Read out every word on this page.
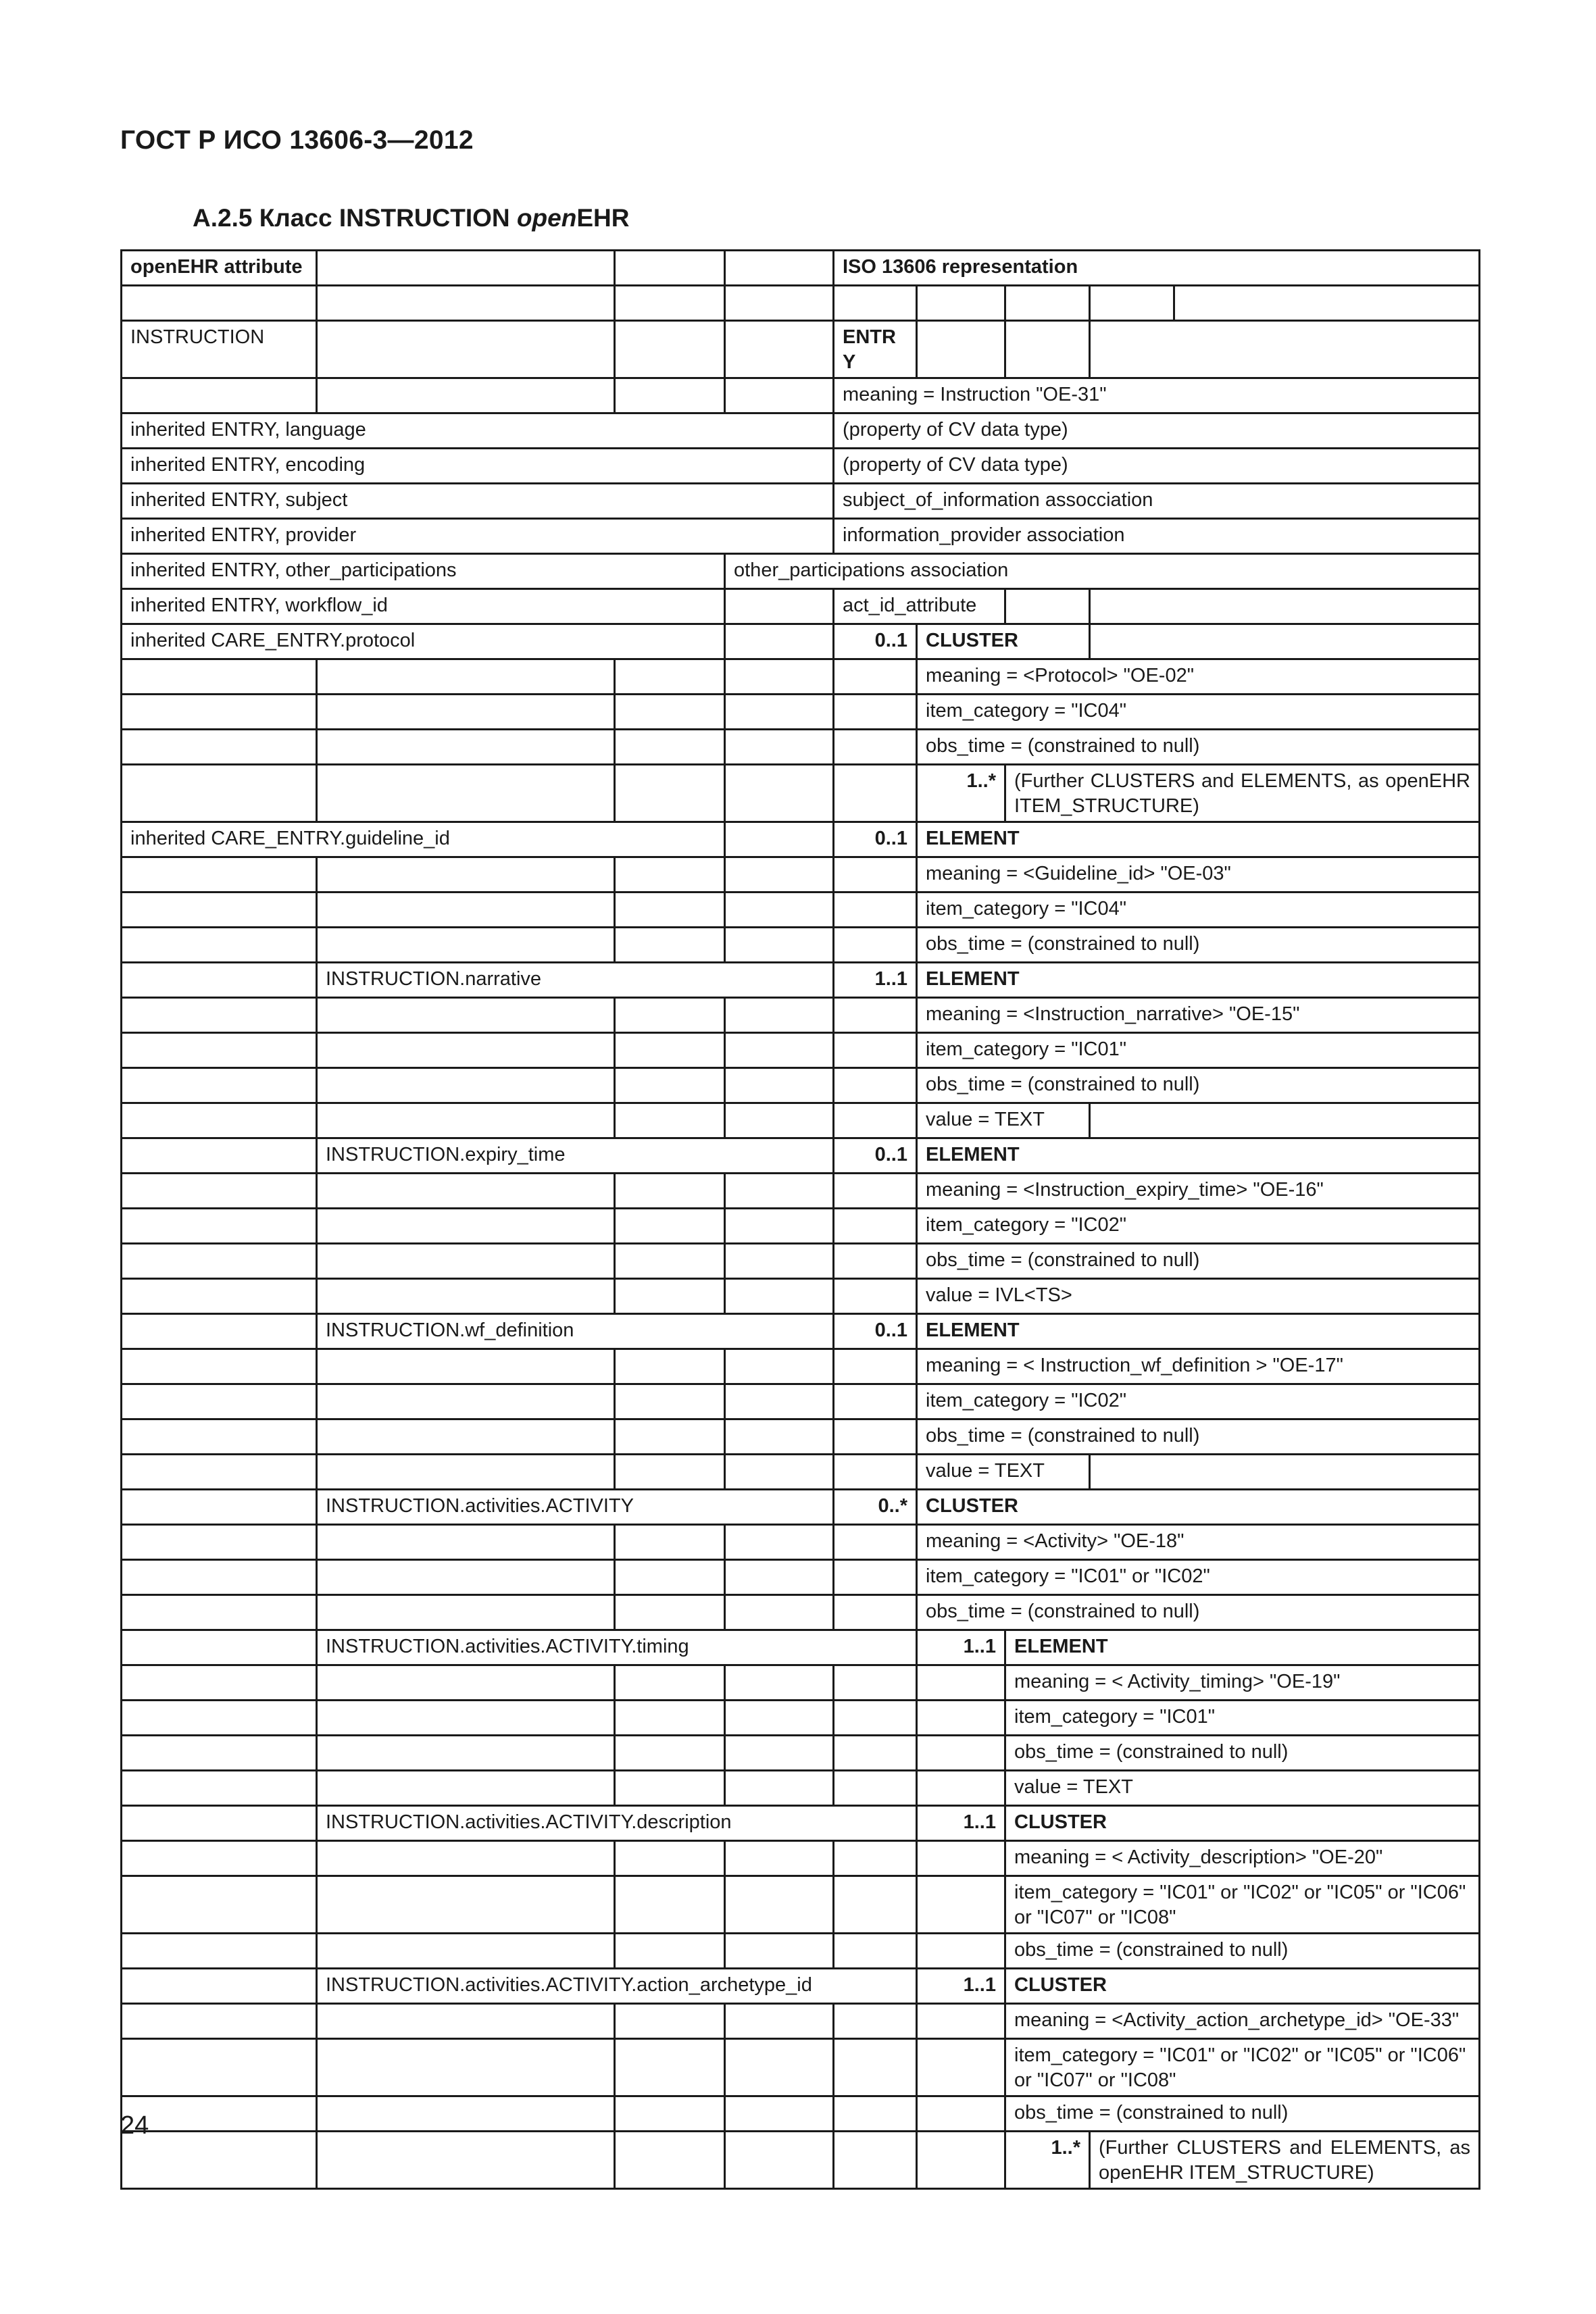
ГОСТ Р ИСО 13606-3—2012
А.2.5 Класс INSTRUCTION openEHR
openEHR attribute				ISO 13606 representation				

INSTRUCTION				ENTRY				
				meaning = Instruction "OE-31"				
inherited ENTRY, language				(property of CV data type)				
inherited ENTRY, encoding				(property of CV data type)				
inherited ENTRY, subject				subject_of_information assocciation				
inherited ENTRY, provider				information_provider association				
inherited ENTRY, other_participations			other_participations association					
inherited ENTRY, workflow_id				act_id_attribute				
inherited CARE_ENTRY.protocol				0..1	CLUSTER			
					meaning = <Protocol> "OE-02"			
					item_category = "IC04"			
					obs_time = (constrained to null)			
					1..*	(Further CLUSTERS and ELEMENTS, as openEHR ITEM_STRUCTURE)		
inherited CARE_ENTRY.guideline_id				0..1	ELEMENT			
					meaning = <Guideline_id> "OE-03"			
					item_category = "IC04"			
					obs_time = (constrained to null)			
	INSTRUCTION.narrative			1..1	ELEMENT			
					meaning = <Instruction_narrative> "OE-15"			
					item_category = "IC01"			
					obs_time = (constrained to null)			
					value = TEXT			
	INSTRUCTION.expiry_time			0..1	ELEMENT			
					meaning = <Instruction_expiry_time> "OE-16"			
					item_category = "IC02"			
					obs_time = (constrained to null)			
					value = IVL<TS>			
	INSTRUCTION.wf_definition			0..1	ELEMENT			
					meaning = < Instruction_wf_definition > "OE-17"			
					item_category = "IC02"			
					obs_time = (constrained to null)			
					value = TEXT			
	INSTRUCTION.activities.ACTIVITY			0..*	CLUSTER			
					meaning = <Activity> "OE-18"			
					item_category = "IC01" or "IC02"			
					obs_time = (constrained to null)			
	INSTRUCTION.activities.ACTIVITY.timing				1..1	ELEMENT		
						meaning = < Activity_timing> "OE-19"		
						item_category = "IC01"		
						obs_time = (constrained to null)		
						value = TEXT		
	INSTRUCTION.activities.ACTIVITY.description				1..1	CLUSTER		
						meaning = < Activity_description> "OE-20"		
						item_category = "IC01" or "IC02" or "IC05" or "IC06" or "IC07" or "IC08"		
						obs_time = (constrained to null)		
	INSTRUCTION.activities.ACTIVITY.action_archetype_id				1..1	CLUSTER		
						meaning = <Activity_action_archetype_id> "OE-33"		
						item_category = "IC01" or "IC02" or "IC05" or "IC06" or "IC07" or "IC08"		
						obs_time = (constrained to null)		
						1..*	(Further CLUSTERS and ELEMENTS, as openEHR ITEM_STRUCTURE)	
24
